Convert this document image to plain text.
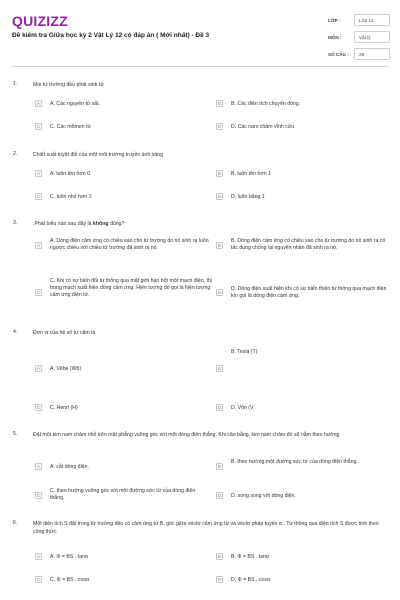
QUIZIZZ
Đề kiểm tra Giữa học kỳ 2 Vật Lý 12 có đáp án ( Mới nhất) - Đề 3
LỚP :	Lớp 12
MÔN :	Vật lý
SỐ CÂU :	29
1.	Mọi từ trường đều phát sinh từ
A	A. Các nguyên tử sắt.	B	B. Các điện tích chuyển động.
C	C. Các mômen từ	D	D. Các nam châm vĩnh cửu
2.	Chiết suất tuyệt đối của một môi trường truyền ánh sáng
A	A. luôn lớn hơn 0.	B	B. luôn lớn hơn 1
C	C. luôn nhỏ hơn 1	D	D. luôn bằng 1
3.	.Phát biểu nào sau đây là không đúng?
A
A. Dòng điện cảm ứng có chiều sao cho từ trường do nó sinh ra luôn ngược chiều với chiều từ trường đã sinh ra nó.	B
B. Dòng điện cảm ứng có chiều sao cho từ trường do nó sinh ra có tác dụng chống lại nguyên nhân đã sinh ra nó.
C
C. Khi có sự biến đổi từ thông qua mặt giới hạn bởi một mạch điện, thì trong mạch xuất hiện dòng cảm ứng. Hiện tượng đó gọi là hiện tượng cảm ứng điện từ.	D
D. Dòng điện xuất hiện khi có sự biến thiên từ thông qua mạch điện kín gọi là dòng điện cảm ứng.
4.	Đơn vị của hệ số tự cảm là
A	A. Vêbe (Wb)
B. Tesla (T)
B
C	C. Henri (H)	D	D. Vôn (V
5.	Đặt một kim nam châm nhỏ trên mặt phẳng vuông góc với một dòng điện thẳng. Khi cân bằng, kim nam châm đó sẽ nằm theo hướng
A	A. cắt dòng điện.	B
B. theo hướng một đường sức từ của dòng điện thẳng.
C
C. theo hướng vuông góc với một đường sức từ của dòng điện thẳng.	D	D. song song với dòng điện.
6.	Một diện tích S đặt trong từ trường đều có cảm ứng từ B, góc giữa véctơ cảm ứng từ và véctơ pháp tuyến α . Từ thông qua diện tích S được tính theo công thức:
A	A. Φ = BS . tanα	B	B. Φ = BS . tanα
C	C. Φ = BS . cosα	D	D. Φ = BS . cosα
